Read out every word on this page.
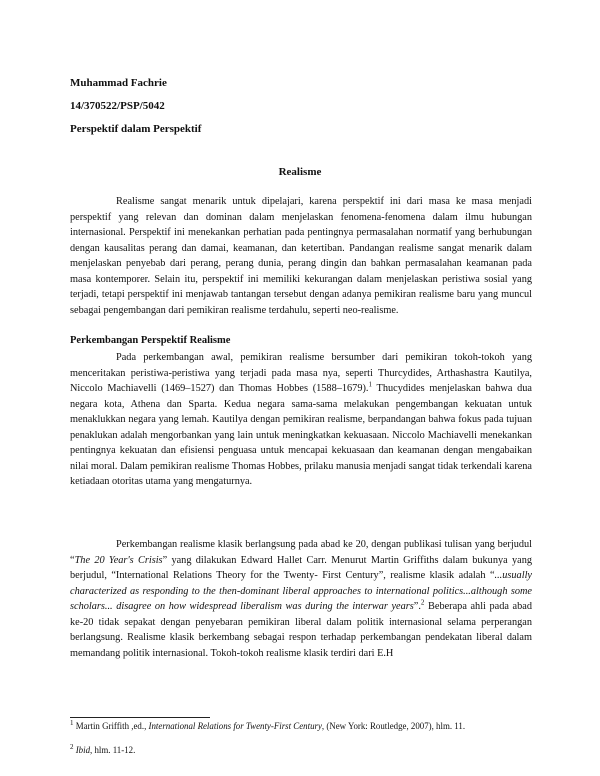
Muhammad Fachrie
14/370522/PSP/5042
Perspektif dalam Perspektif
Realisme

Realisme sangat menarik untuk dipelajari, karena perspektif ini dari masa ke masa menjadi perspektif yang relevan dan dominan dalam menjelaskan fenomena-fenomena dalam ilmu hubungan internasional. Perspektif ini menekankan perhatian pada pentingnya permasalahan normatif yang berhubungan dengan kausalitas perang dan damai, keamanan, dan ketertiban. Pandangan realisme sangat menarik dalam menjelaskan penyebab dari perang, perang dunia, perang dingin dan bahkan permasalahan keamanan pada masa kontemporer. Selain itu, perspektif ini memiliki kekurangan dalam menjelaskan peristiwa sosial yang terjadi, tetapi perspektif ini menjawab tantangan tersebut dengan adanya pemikiran realisme baru yang muncul sebagai pengembangan dari pemikiran realisme terdahulu, seperti neo-realisme.

Perkembangan Perspektif Realisme

Pada perkembangan awal, pemikiran realisme bersumber dari pemikiran tokoh-tokoh yang menceritakan peristiwa-peristiwa yang terjadi pada masa nya, seperti Thurcydides, Arthashastra Kautilya, Niccolo Machiavelli (1469–1527) dan Thomas Hobbes (1588–1679).$^1$ Thucydides menjelaskan bahwa dua negara kota, Athena dan Sparta. Kedua negara sama-sama melakukan pengembangan kekuatan untuk menaklukkan negara yang lemah. Kautilya dengan pemikiran realisme, berpandangan bahwa fokus pada tujuan penaklukan adalah mengorbankan yang lain untuk meningkatkan kekuasaan. Niccolo Machiavelli menekankan pentingnya kekuatan dan efisiensi penguasa untuk mencapai kekuasaan dan keamanan dengan mengabaikan nilai moral. Dalam pemikiran realisme Thomas Hobbes, prilaku manusia menjadi sangat tidak terkendali karena ketiadaan otoritas utama yang mengaturnya.

Perkembangan realisme klasik berlangsung pada abad ke 20, dengan publikasi tulisan yang berjudul “The 20 Year's Crisis” yang dilakukan Edward Hallet Carr. Menurut Martin Griffiths dalam bukunya yang berjudul, “International Relations Theory for the Twenty- First Century”, realisme klasik adalah “...usually characterized as responding to the then-dominant liberal approaches to international politics...although some scholars... disagree on how widespread liberalism was during the interwar years”.$^2$ Beberapa ahli pada abad ke-20 tidak sepakat dengan penyebaran pemikiran liberal dalam politik internasional selama perperangan berlangsung. Realisme klasik berkembang sebagai respon terhadap perkembangan pendekatan liberal dalam memandang politik internasional. Tokoh-tokoh realisme klasik terdiri dari E.H

$^1$ Martin Griffith ,ed., International Relations for Twenty-First Century, (New York: Routledge, 2007), hlm. 11.

$^2$ Ibid, hlm. 11-12.
